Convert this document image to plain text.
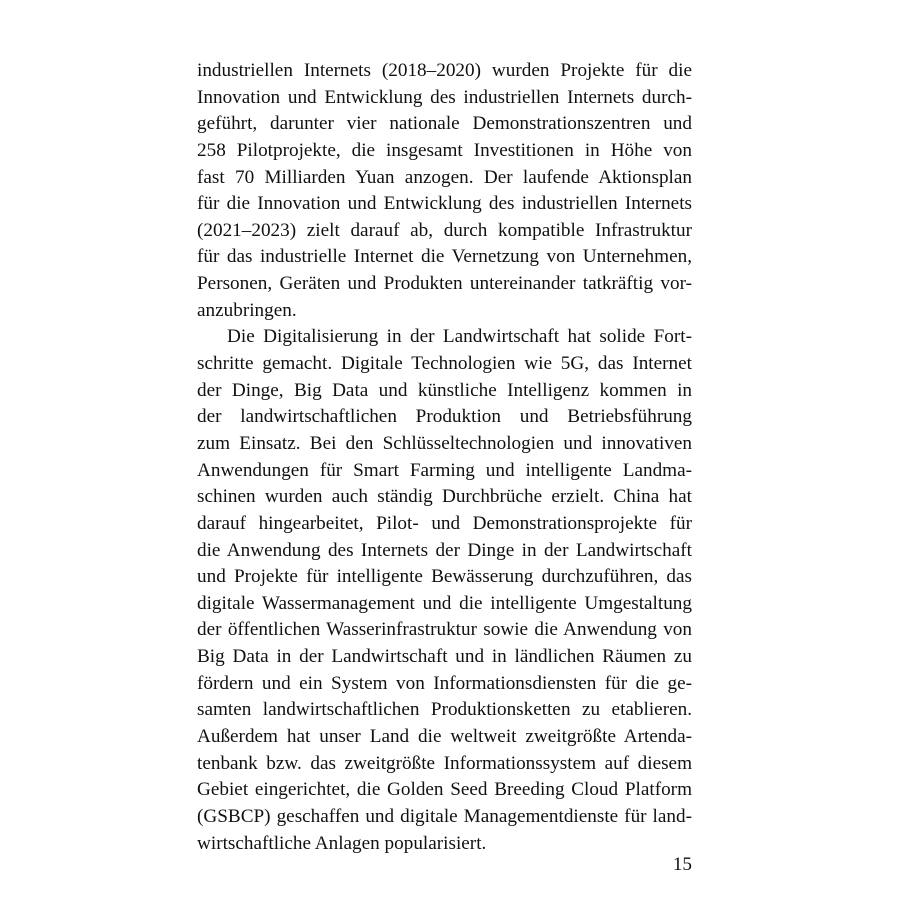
industriellen Internets (2018–2020) wurden Projekte für die
Innovation und Entwicklung des industriellen Internets durch-
geführt, darunter vier nationale Demonstrationszentren und
258 Pilotprojekte, die insgesamt Investitionen in Höhe von
fast 70 Milliarden Yuan anzogen. Der laufende Aktionsplan
für die Innovation und Entwicklung des industriellen Internets
(2021–2023) zielt darauf ab, durch kompatible Infrastruktur
für das industrielle Internet die Vernetzung von Unternehmen,
Personen, Geräten und Produkten untereinander tatkräftig vor-
anzubringen.
Die Digitalisierung in der Landwirtschaft hat solide Fort-
schritte gemacht. Digitale Technologien wie 5G, das Internet
der Dinge, Big Data und künstliche Intelligenz kommen in
der landwirtschaftlichen Produktion und Betriebsführung
zum Einsatz. Bei den Schlüsseltechnologien und innovativen
Anwendungen für Smart Farming und intelligente Landma-
schinen wurden auch ständig Durchbrüche erzielt. China hat
darauf hingearbeitet, Pilot- und Demonstrationsprojekte für
die Anwendung des Internets der Dinge in der Landwirtschaft
und Projekte für intelligente Bewässerung durchzuführen, das
digitale Wassermanagement und die intelligente Umgestaltung
der öffentlichen Wasserinfrastruktur sowie die Anwendung von
Big Data in der Landwirtschaft und in ländlichen Räumen zu
fördern und ein System von Informationsdiensten für die ge-
samten landwirtschaftlichen Produktionsketten zu etablieren.
Außerdem hat unser Land die weltweit zweitgrößte Artenda-
tenbank bzw. das zweitgrößte Informationssystem auf diesem
Gebiet eingerichtet, die Golden Seed Breeding Cloud Platform
(GSBCP) geschaffen und digitale Managementdienste für land-
wirtschaftliche Anlagen popularisiert.
15
